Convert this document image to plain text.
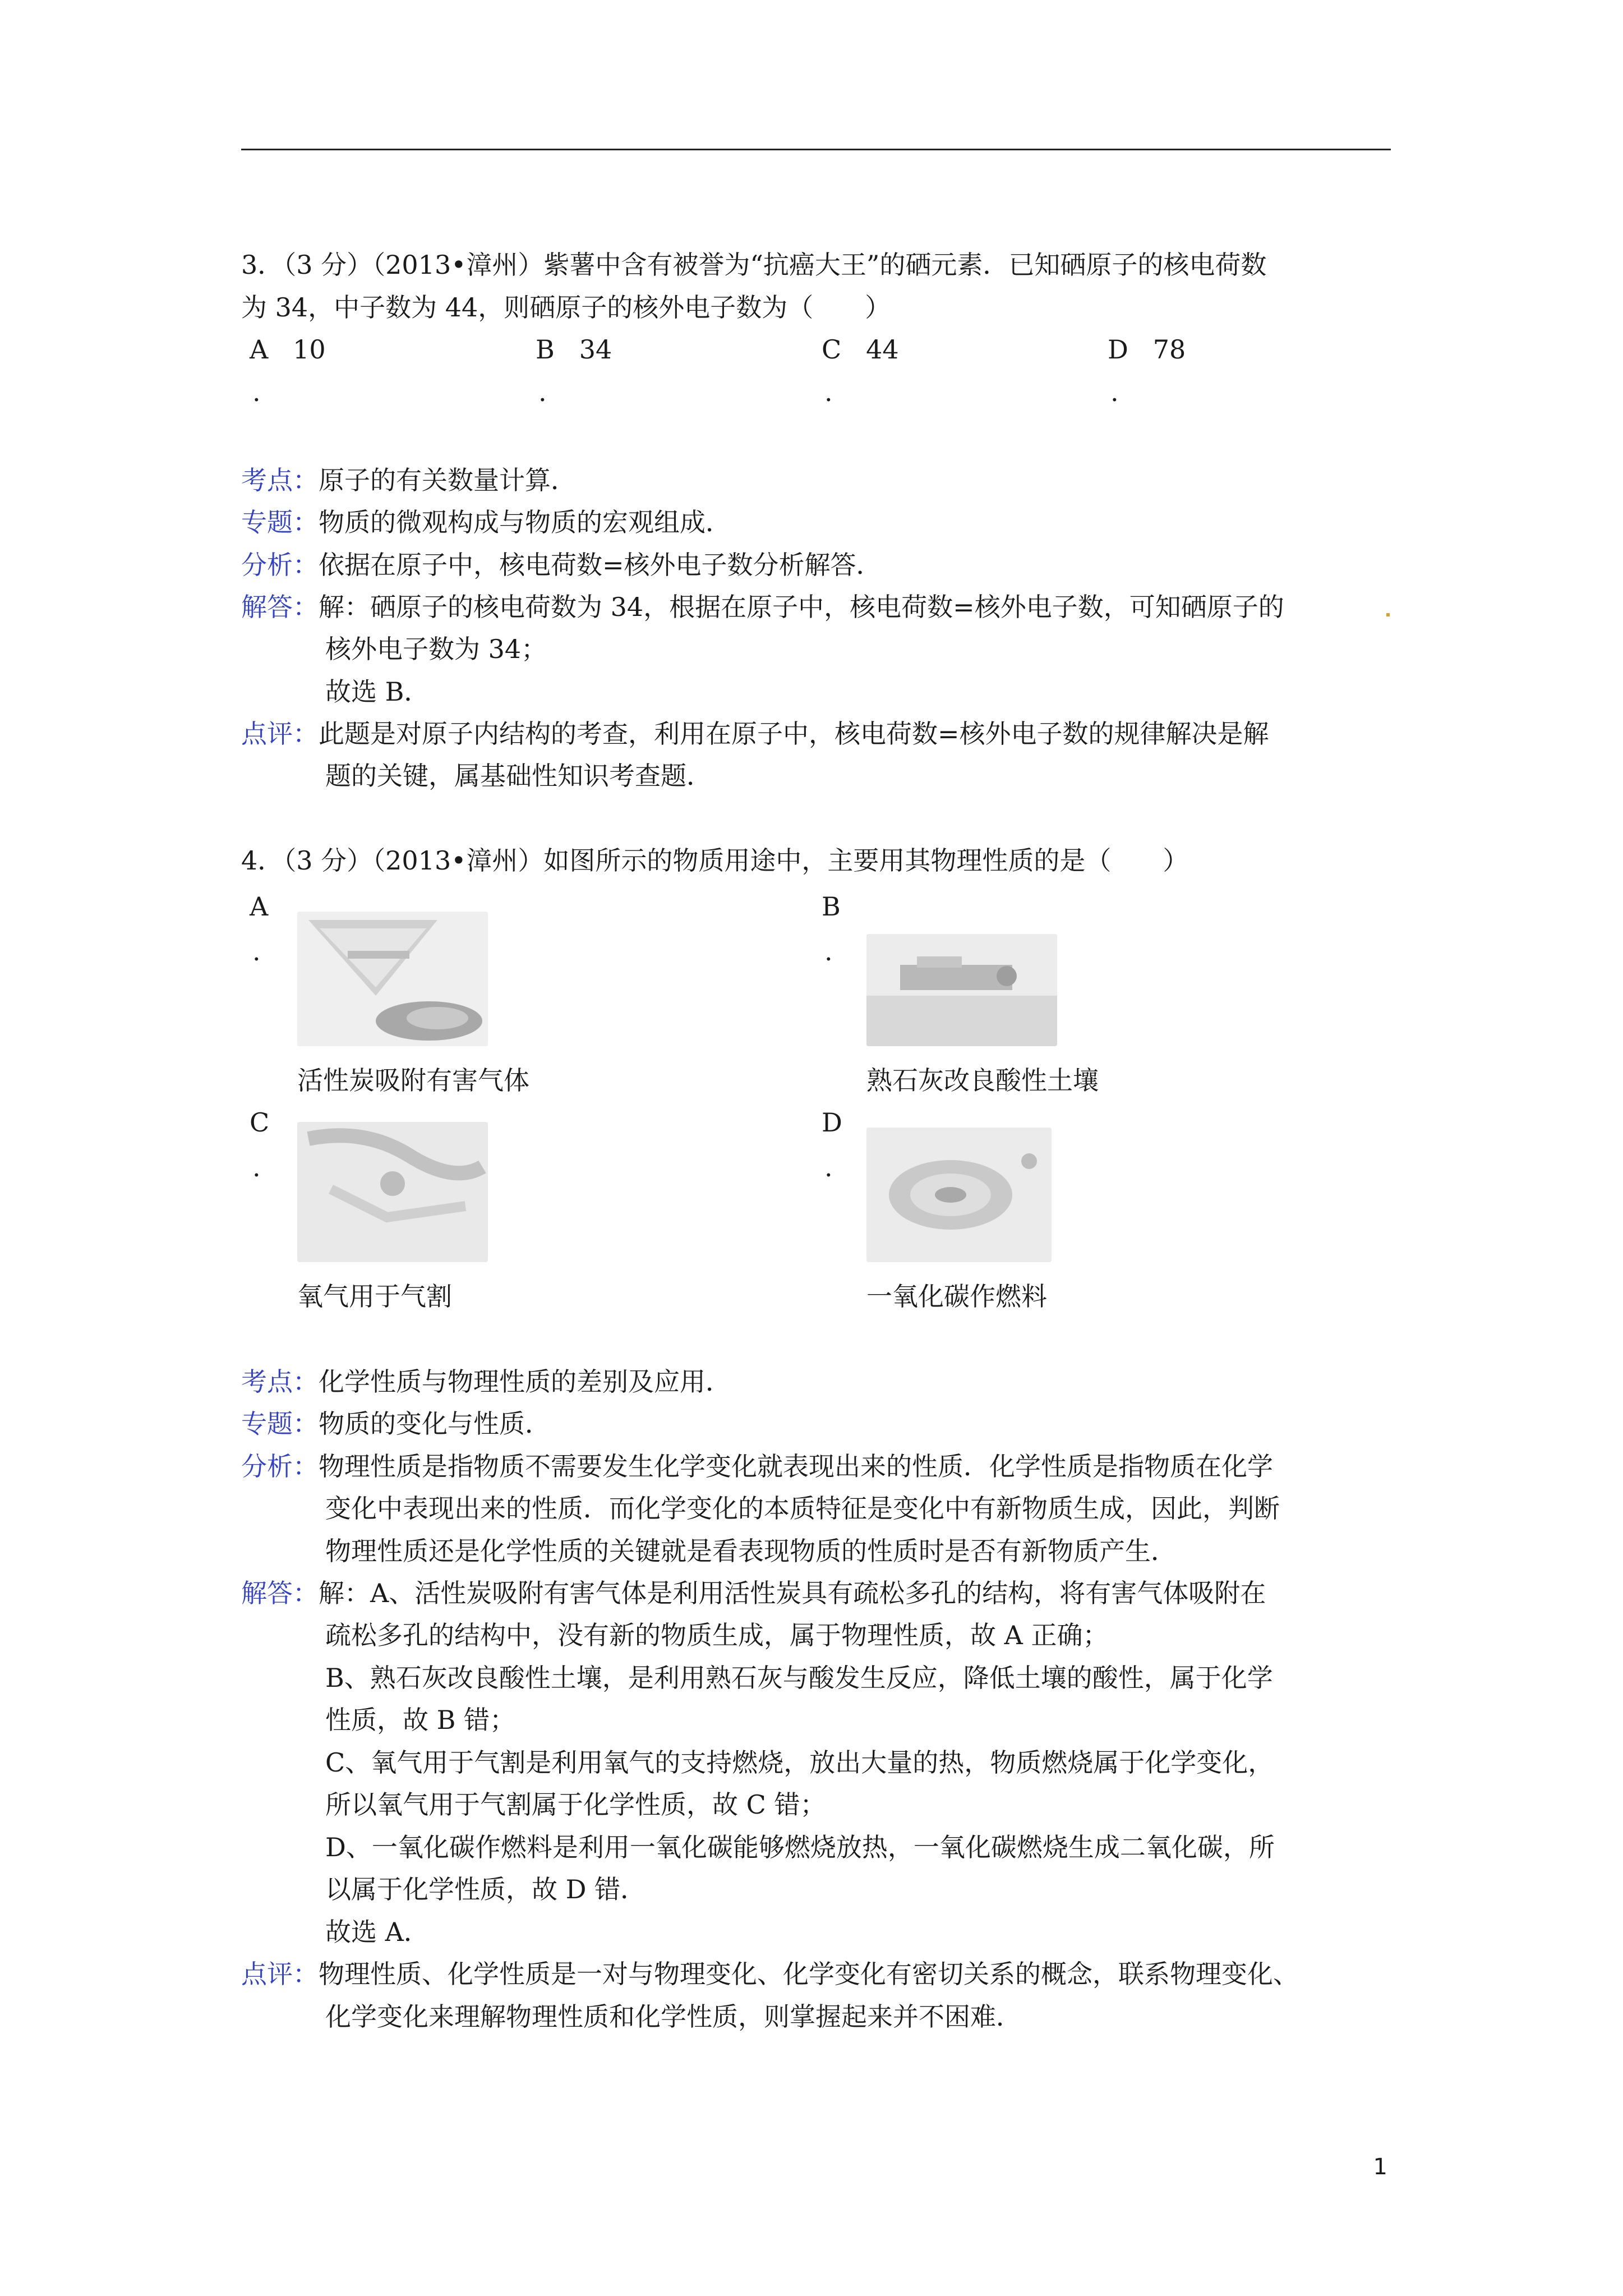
3．（3 分）（2013•漳州）紫薯中含有被誉为“抗癌大王”的硒元素．已知硒原子的核电荷数
为 34，中子数为 44，则硒原子的核外电子数为（　　）
A 10	B 34	C 44	D 78
.	.	.	.
考点：原子的有关数量计算．
专题：物质的微观构成与物质的宏观组成．
分析：依据在原子中，核电荷数=核外电子数分析解答．
解答：解：硒原子的核电荷数为 34，根据在原子中，核电荷数=核外电子数，可知硒原子的
核外电子数为 34；
故选 B．
点评：此题是对原子内结构的考查，利用在原子中，核电荷数=核外电子数的规律解决是解
题的关键，属基础性知识考查题．
4．（3 分）（2013•漳州）如图所示的物质用途中，主要用其物理性质的是（　　）
A
.
活性炭吸附有害气体
B
.
熟石灰改良酸性土壤
C
.
氧气用于气割
D
.
一氧化碳作燃料
考点：化学性质与物理性质的差别及应用．
专题：物质的变化与性质．
分析：物理性质是指物质不需要发生化学变化就表现出来的性质．化学性质是指物质在化学
变化中表现出来的性质．而化学变化的本质特征是变化中有新物质生成，因此，判断
物理性质还是化学性质的关键就是看表现物质的性质时是否有新物质产生．
解答：解：A、活性炭吸附有害气体是利用活性炭具有疏松多孔的结构，将有害气体吸附在
疏松多孔的结构中，没有新的物质生成，属于物理性质，故 A 正确；
B、熟石灰改良酸性土壤，是利用熟石灰与酸发生反应，降低土壤的酸性，属于化学
性质，故 B 错；
C、氧气用于气割是利用氧气的支持燃烧，放出大量的热，物质燃烧属于化学变化，
所以氧气用于气割属于化学性质，故 C 错；
D、一氧化碳作燃料是利用一氧化碳能够燃烧放热，一氧化碳燃烧生成二氧化碳，所
以属于化学性质，故 D 错．
故选 A．
点评：物理性质、化学性质是一对与物理变化、化学变化有密切关系的概念，联系物理变化、
化学变化来理解物理性质和化学性质，则掌握起来并不困难．
1
